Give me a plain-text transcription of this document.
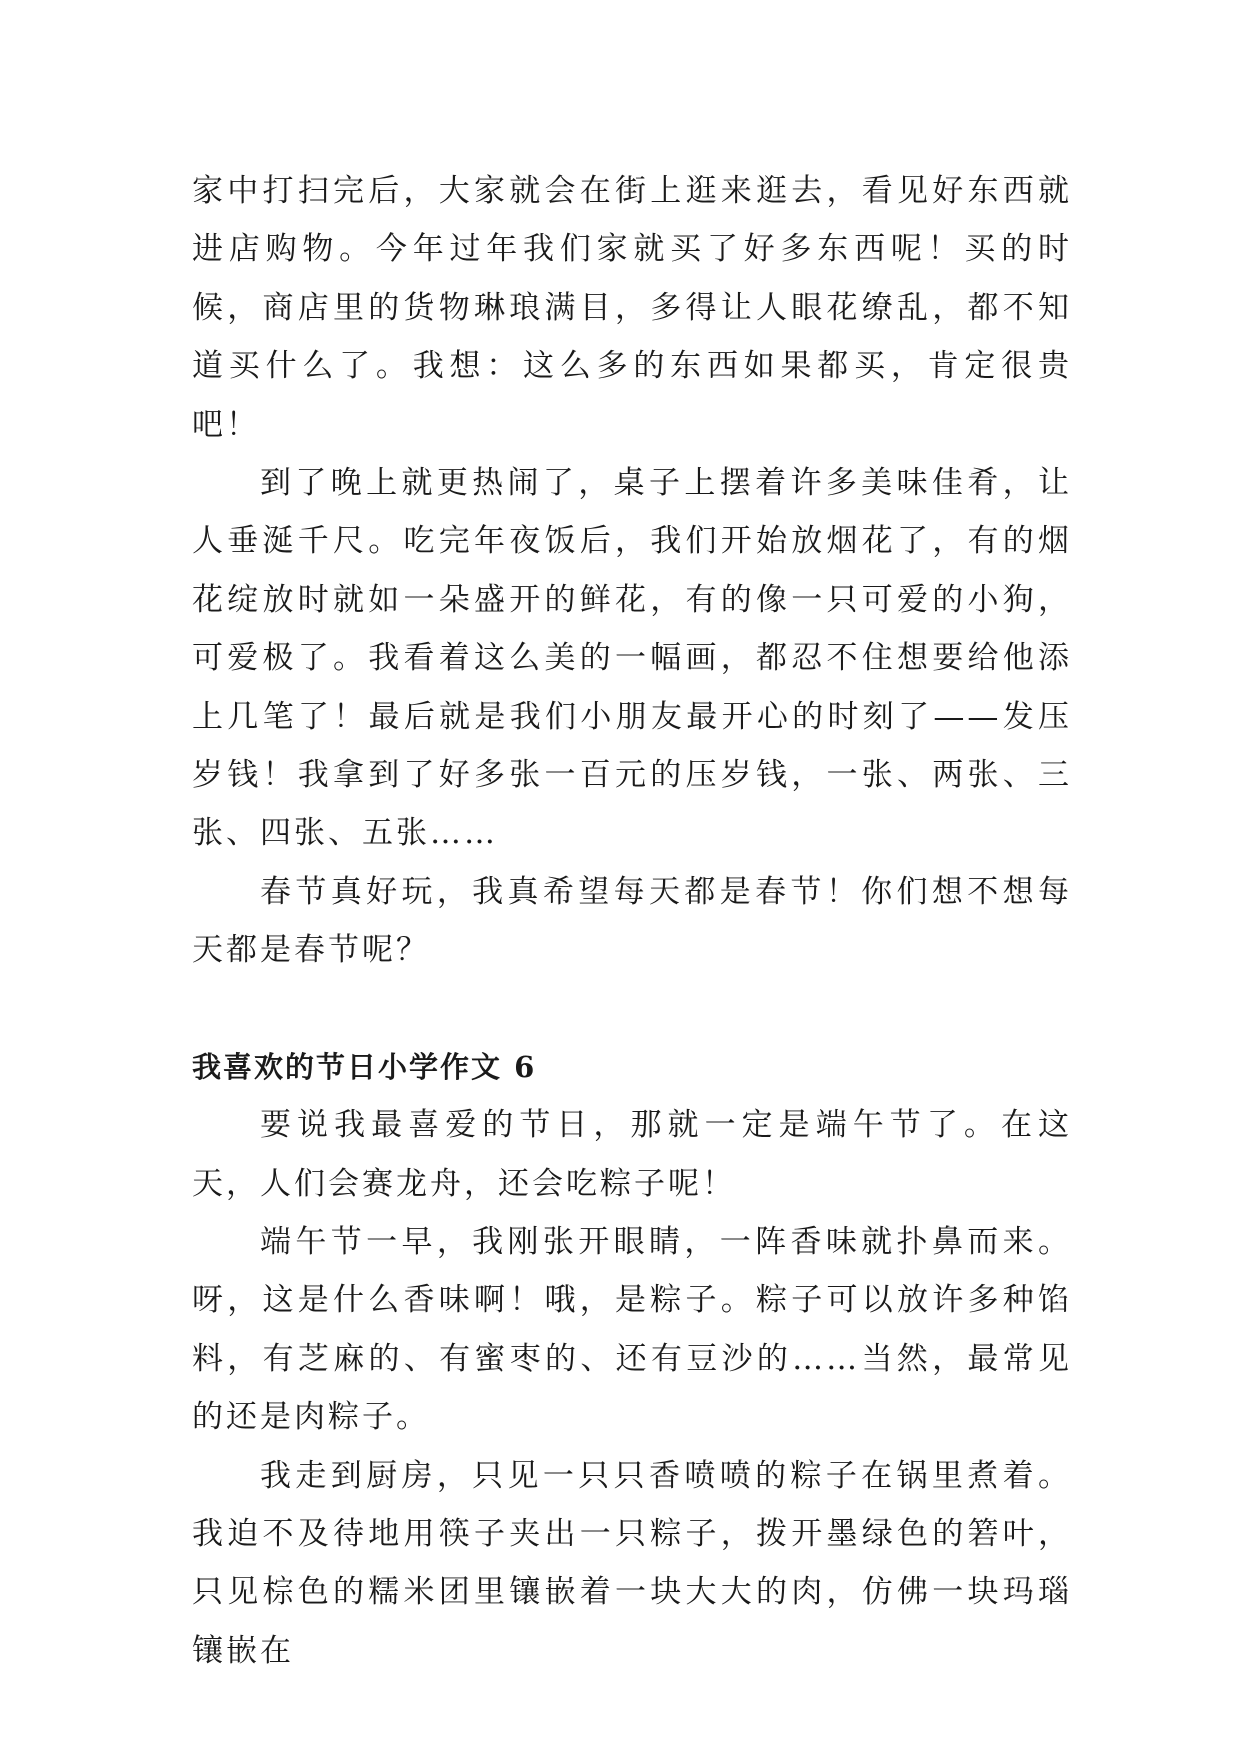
家中打扫完后，大家就会在街上逛来逛去，看见好东西就进店购物。今年过年我们家就买了好多东西呢！买的时候，商店里的货物琳琅满目，多得让人眼花缭乱，都不知道买什么了。我想：这么多的东西如果都买，肯定很贵吧！

到了晚上就更热闹了，桌子上摆着许多美味佳肴，让人垂涎千尺。吃完年夜饭后，我们开始放烟花了，有的烟花绽放时就如一朵盛开的鲜花，有的像一只可爱的小狗，可爱极了。我看着这么美的一幅画，都忍不住想要给他添上几笔了！最后就是我们小朋友最开心的时刻了——发压岁钱！我拿到了好多张一百元的压岁钱，一张、两张、三张、四张、五张……

春节真好玩，我真希望每天都是春节！你们想不想每天都是春节呢？

我喜欢的节日小学作文 6

要说我最喜爱的节日，那就一定是端午节了。在这天，人们会赛龙舟，还会吃粽子呢！

端午节一早，我刚张开眼睛，一阵香味就扑鼻而来。呀，这是什么香味啊！哦，是粽子。粽子可以放许多种馅料，有芝麻的、有蜜枣的、还有豆沙的……当然，最常见的还是肉粽子。

我走到厨房，只见一只只香喷喷的粽子在锅里煮着。我迫不及待地用筷子夹出一只粽子，拨开墨绿色的箬叶，只见棕色的糯米团里镶嵌着一块大大的肉，仿佛一块玛瑙镶嵌在
